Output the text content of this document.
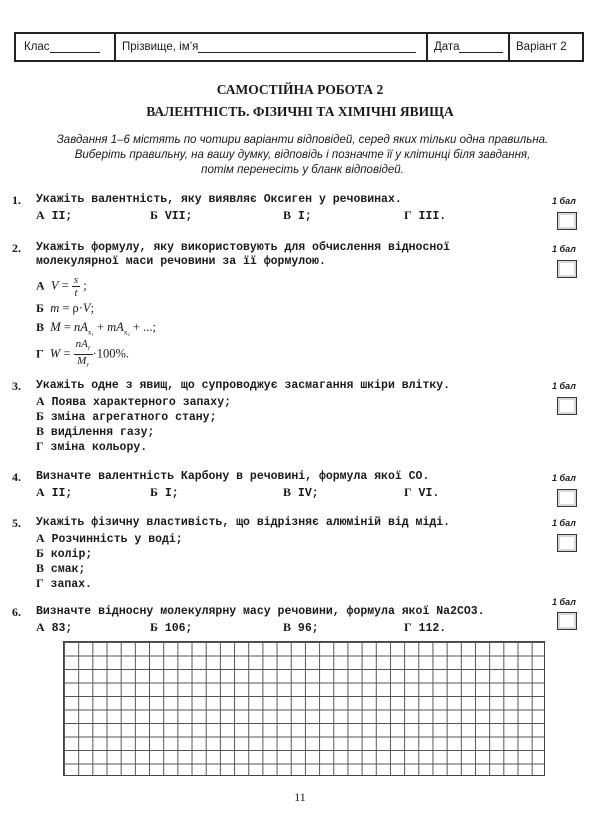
Клас	Прізвище, ім’я	Дата	Варіант 2
САМОСТІЙНА РОБОТА 2
ВАЛЕНТНІСТЬ. ФІЗИЧНІ ТА ХІМІЧНІ ЯВИЩА
Завдання 1–6 містять по чотири варіанти відповідей, серед яких тільки одна правильна.
Виберіть правильну, на вашу думку, відповідь і позначте її у клітинці біля завдання,
потім перенесіть у бланк відповідей.
1. Укажіть валентність, яку виявляє Оксиген у речовинах.
А II;	Б VII;	В I;	Г III.
1 бал
2. Укажіть формулу, яку використовують для обчислення відносної молекулярної маси речовини за її формулою.
1 бал
А $V = \frac{s}{t}$ ;
Б m = ρ·V;
В $M = nA_{x_1} + mA_{x_2}$ + ...;
Г $W = \frac{nA_r}{M_r} \cdot 100\%$.
3. Укажіть одне з явищ, що супроводжує засмагання шкіри влітку.
А Поява характерного запаху;
Б зміна агрегатного стану;
В виділення газу;
Г зміна кольору.
1 бал
4. Визначте валентність Карбону в речовині, формула якої CO.
А II;	Б I;	В IV;	Г VI.
1 бал
5. Укажіть фізичну властивість, що відрізняє алюміній від міді.
А Розчинність у воді;
Б колір;
В смак;
Г запах.
1 бал
6. Визначте відносну молекулярну масу речовини, формула якої Na2CO3.
А 83;	Б 106;	В 96;	Г 112.
1 бал
11
